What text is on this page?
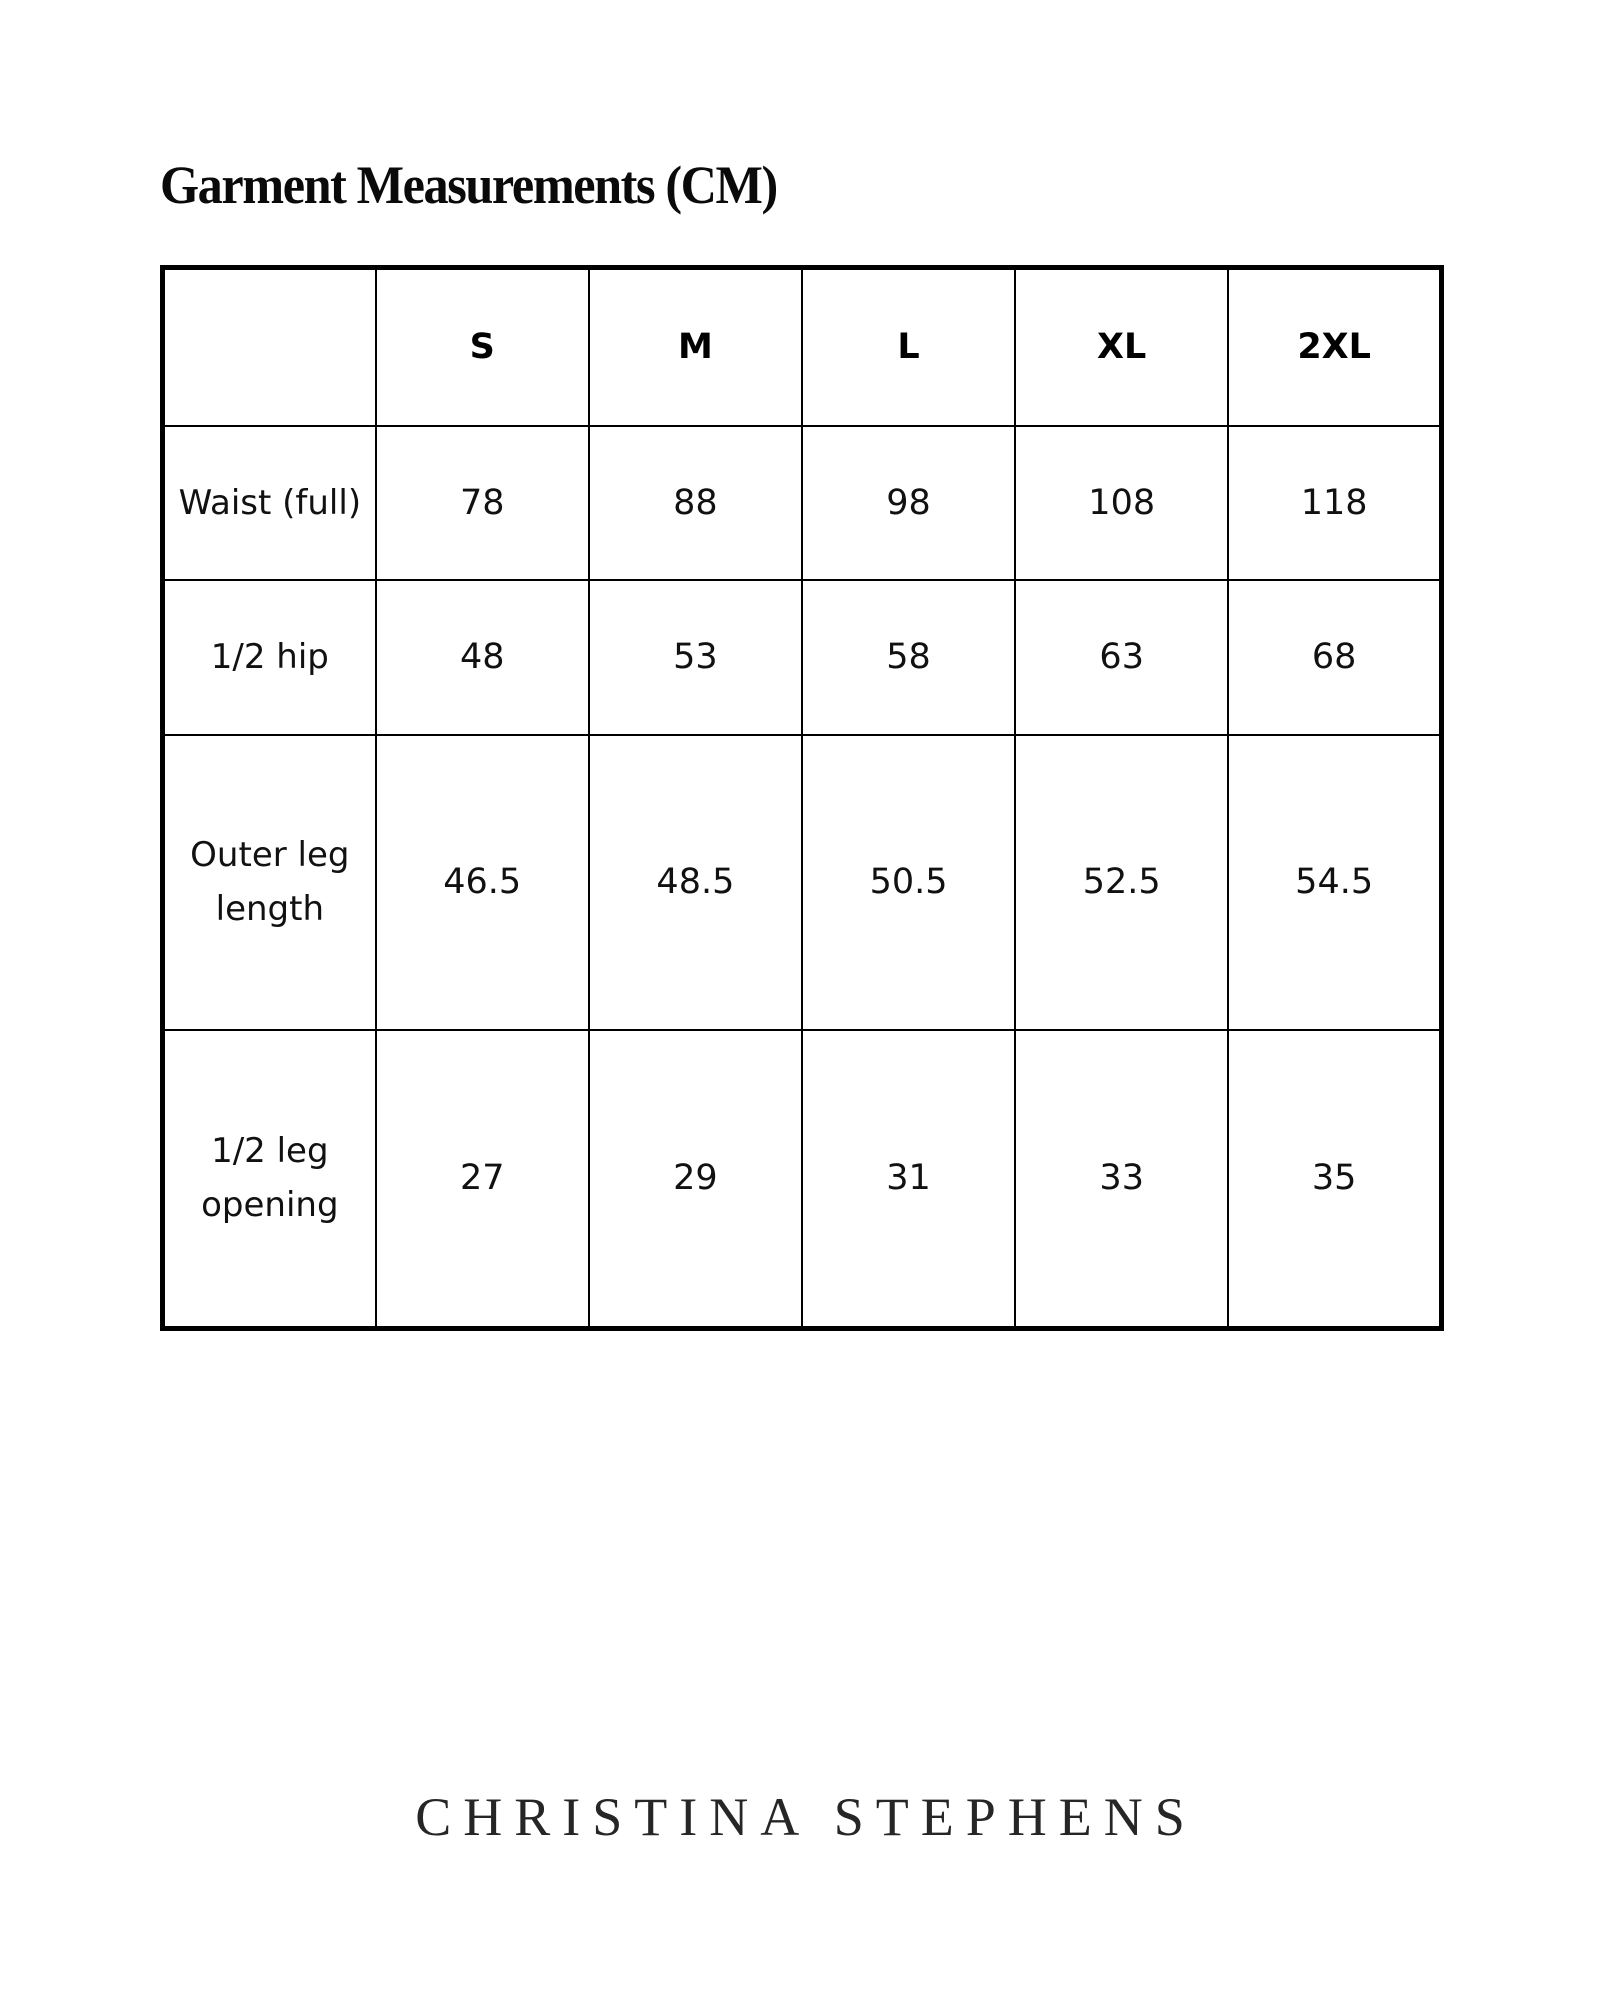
Garment Measurements (CM)
	S	M	L	XL	2XL
Waist (full)	78	88	98	108	118
1/2 hip	48	53	58	63	68
Outer leg length	46.5	48.5	50.5	52.5	54.5
1/2 leg opening	27	29	31	33	35
CHRISTINA STEPHENS
